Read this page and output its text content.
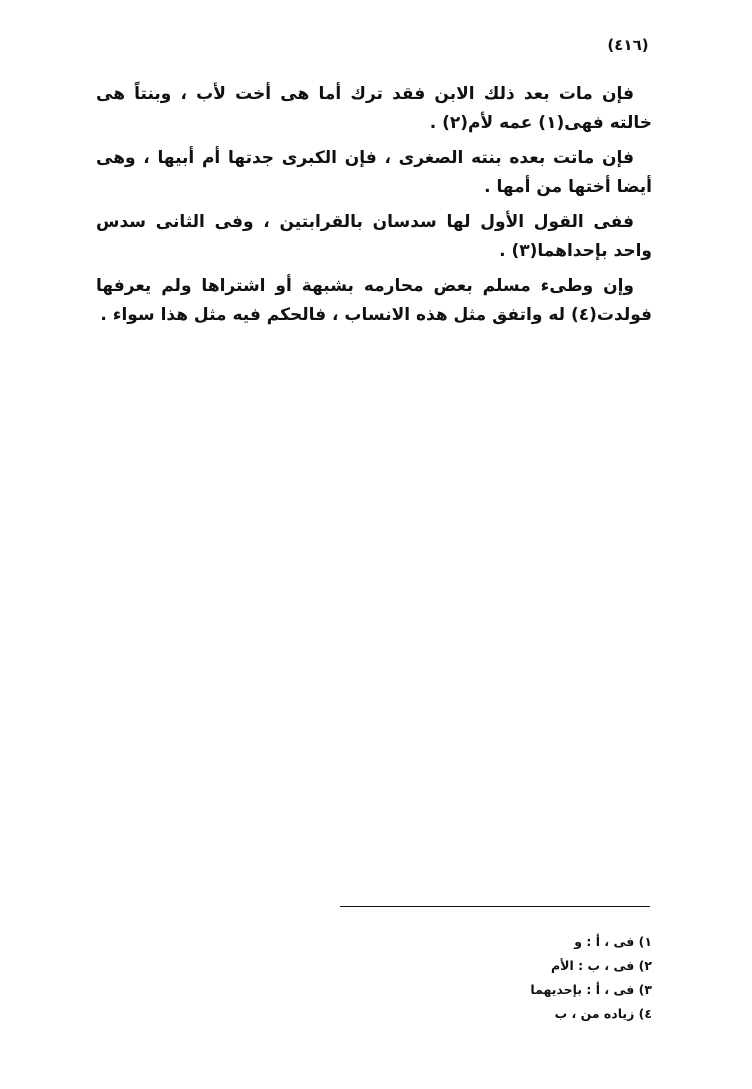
(٤١٦)

فإن مات بعد ذلك الابن فقد ترك أما هى أخت لأب ، وبنتاً هى خالته فهى(١) عمه لأم(٢) .

فإن ماتت بعده بنته الصغرى ، فإن الكبرى جدتها أم أبيها ، وهى أيضا أختها من أمها .

ففى القول الأول لها سدسان بالقرابتين ، وفى الثانى سدس واحد بإحداهما(٣) .

وإن وطىء مسلم بعض محارمه بشبهة أو اشتراها ولم يعرفها فولدت(٤) له واتفق مثل هذه الانساب ، فالحكم فيه مثل هذا سواء .

١) فى ، أ : و

٢) فى ، ب : الأم

٣) فى ، أ : بإحديهما

٤) زياده من ، ب
